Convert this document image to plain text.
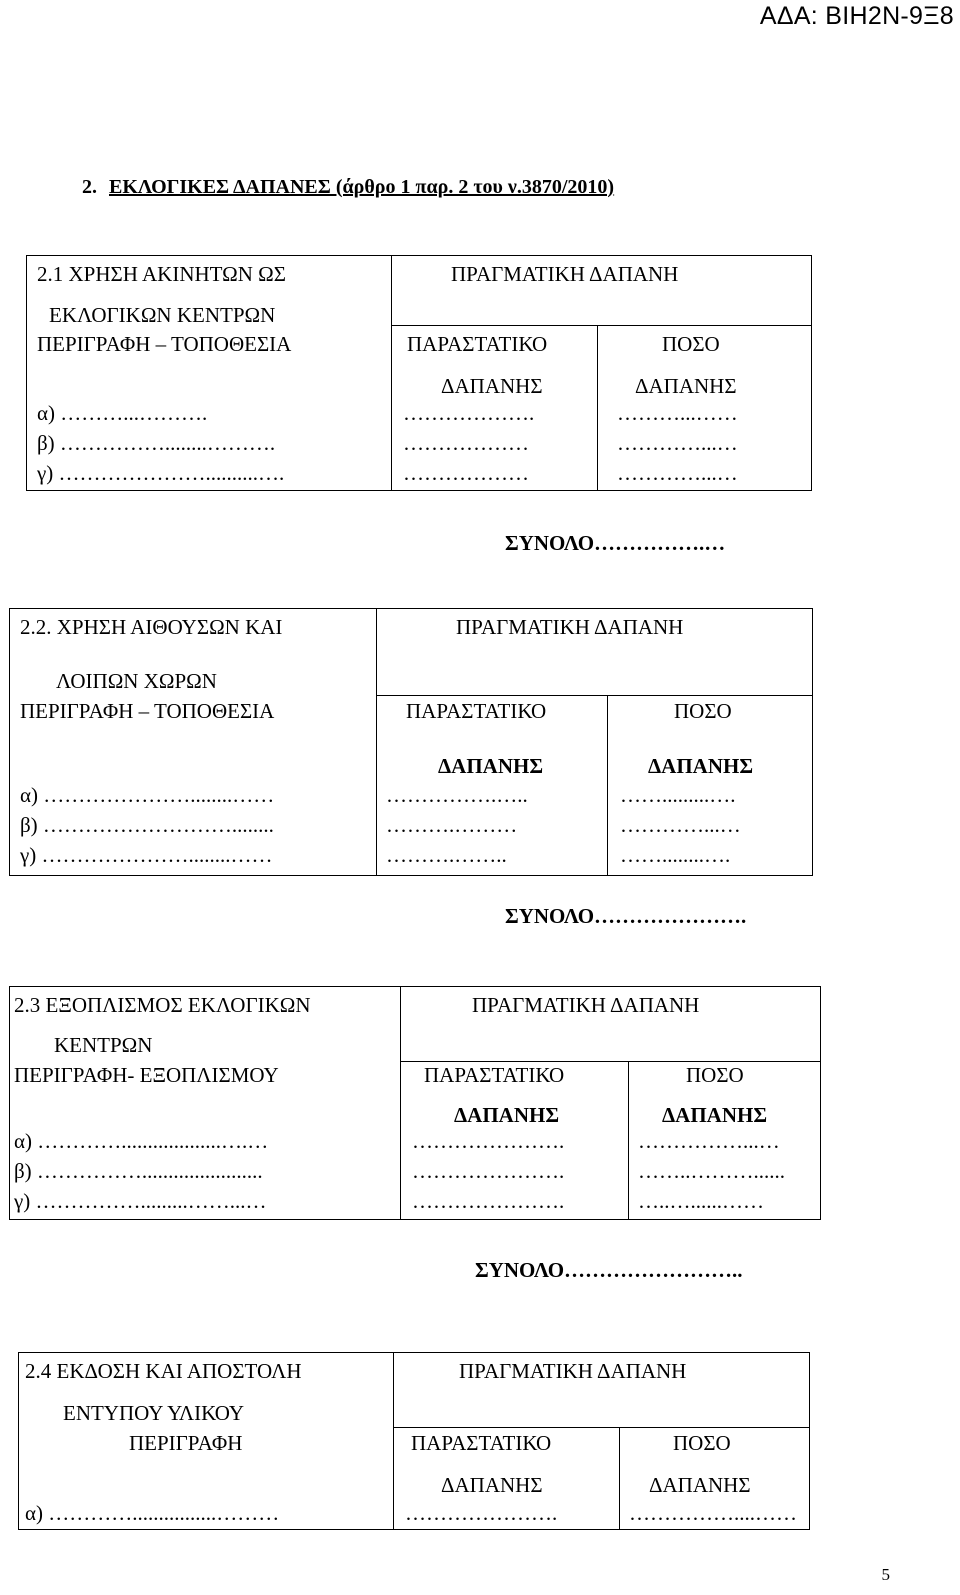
ΑΔΑ: ΒΙΗ2Ν-9Ξ8
2. ΕΚΛΟΓΙΚΕΣ ΔΑΠΑΝΕΣ (άρθρο 1 παρ. 2 του ν.3870/2010)
2.1 ΧΡΗΣΗ ΑΚΙΝΗΤΩΝ ΩΣ
ΕΚΛΟΓΙΚΩΝ ΚΕΝΤΡΩΝ
ΠΕΡΙΓΡΑΦΗ – ΤΟΠΟΘΕΣΙΑ
ΠΡΑΓΜΑΤΙΚΗ ΔΑΠΑΝΗ
ΠΑΡΑΣΤΑΤΙΚΟ
ΔΑΠΑΝΗΣ
ΠΟΣΟ
ΔΑΠΑΝΗΣ
α) ………...……….	……………….	………...……
β) ……………........……….	………………	…………...…
γ) …………………..........….	………………	…………...…
ΣΥΝΟΛΟ…………….…
2.2. ΧΡΗΣΗ ΑΙΘΟΥΣΩΝ ΚΑΙ
ΛΟΙΠΩΝ ΧΩΡΩΝ
ΠΕΡΙΓΡΑΦΗ – ΤΟΠΟΘΕΣΙΑ
ΠΡΑΓΜΑΤΙΚΗ ΔΑΠΑΝΗ
ΠΑΡΑΣΤΑΤΙΚΟ
ΔΑΠΑΝΗΣ
ΠΟΣΟ
ΔΑΠΑΝΗΣ
α) …………………........……	…………….…..	…….........….
β) ………………………........	……….………	…………...…
γ) …………………........……	……….……..	……........….
ΣΥΝΟΛΟ………………….
2.3 ΕΞΟΠΛΙΣΜΟΣ ΕΚΛΟΓΙΚΩΝ
ΚΕΝΤΡΩΝ
ΠΕΡΙΓΡΑΦΗ- ΕΞΟΠΛΙΣΜΟΥ
ΠΡΑΓΜΑΤΙΚΗ ΔΑΠΑΝΗ
ΠΑΡΑΣΤΑΤΙΚΟ
ΔΑΠΑΝΗΣ
ΠΟΣΟ
ΔΑΠΑΝΗΣ
α) …………...................….…	………………….	……………...…
β) …………….......................	………………….	……..………......
γ) …………….........……...…	………………….	…..…......……
ΣΥΝΟΛΟ……………………..
2.4 ΕΚΔΟΣΗ ΚΑΙ ΑΠΟΣΤΟΛΗ
ΕΝΤΥΠΟΥ ΥΛΙΚΟΥ
ΠΕΡΙΓΡΑΦΗ
ΠΡΑΓΜΑΤΙΚΗ ΔΑΠΑΝΗ
ΠΑΡΑΣΤΑΤΙΚΟ
ΔΑΠΑΝΗΣ
ΠΟΣΟ
ΔΑΠΑΝΗΣ
α) …………................………	………………….	……………....……
5
